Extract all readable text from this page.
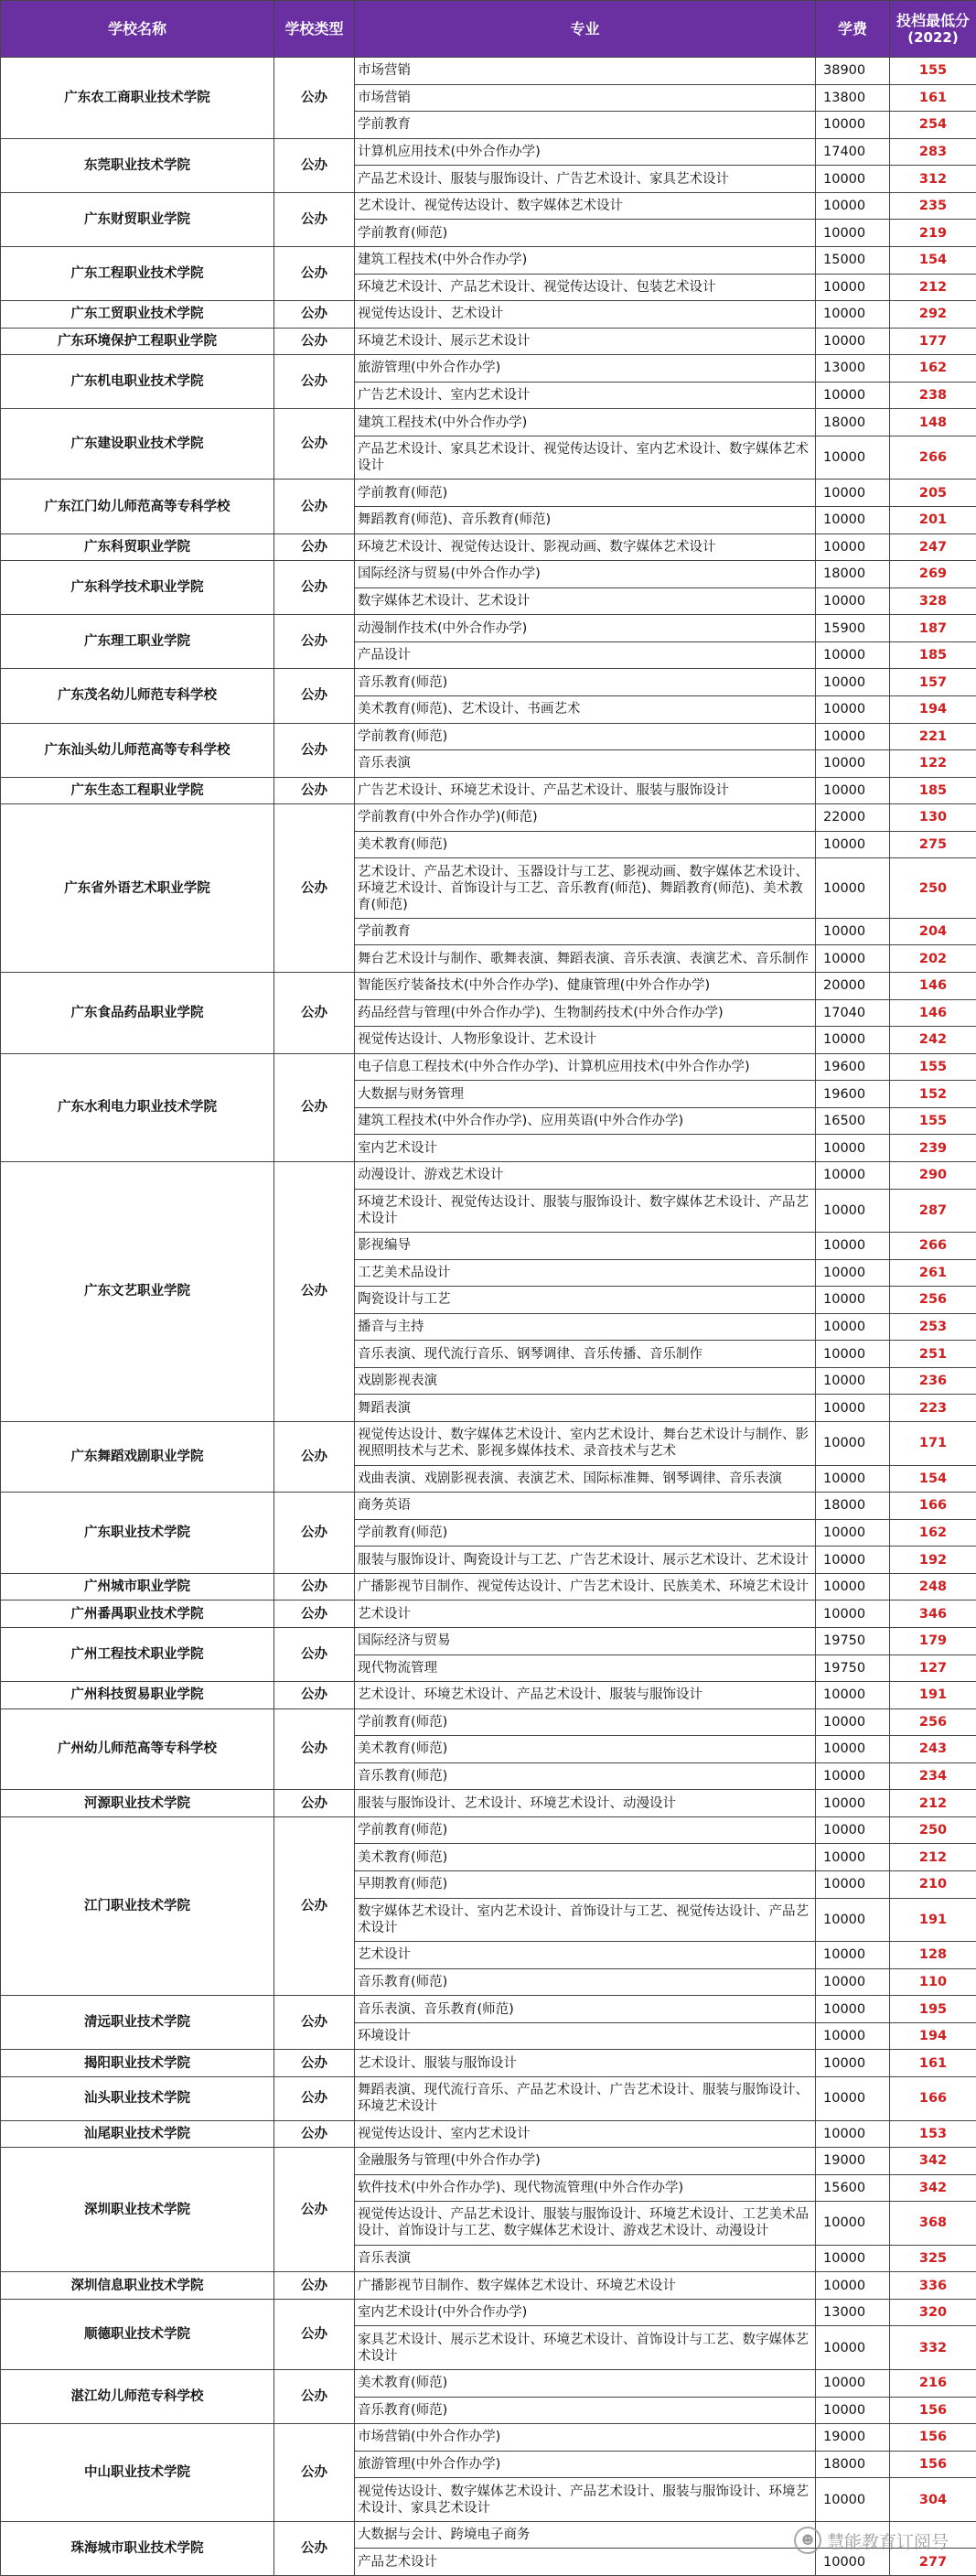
学校名称	学校类型	专业	学费	投档最低分
(2022)

广东农工商职业技术学院	公办	市场营销	38900	155
		市场营销	13800	161
		学前教育	10000	254
东莞职业技术学院	公办	计算机应用技术(中外合作办学)	17400	283
		产品艺术设计、服装与服饰设计、广告艺术设计、家具艺术设计	10000	312
广东财贸职业学院	公办	艺术设计、视觉传达设计、数字媒体艺术设计	10000	235
		学前教育(师范)	10000	219
广东工程职业技术学院	公办	建筑工程技术(中外合作办学)	15000	154
		环境艺术设计、产品艺术设计、视觉传达设计、包装艺术设计	10000	212
广东工贸职业技术学院	公办	视觉传达设计、艺术设计	10000	292
广东环境保护工程职业学院	公办	环境艺术设计、展示艺术设计	10000	177
广东机电职业技术学院	公办	旅游管理(中外合作办学)	13000	162
		广告艺术设计、室内艺术设计	10000	238
广东建设职业技术学院	公办	建筑工程技术(中外合作办学)	18000	148
		产品艺术设计、家具艺术设计、视觉传达设计、室内艺术设计、数字媒体艺术设计	10000	266
广东江门幼儿师范高等专科学校	公办	学前教育(师范)	10000	205
		舞蹈教育(师范)、音乐教育(师范)	10000	201
广东科贸职业学院	公办	环境艺术设计、视觉传达设计、影视动画、数字媒体艺术设计	10000	247
广东科学技术职业学院	公办	国际经济与贸易(中外合作办学)	18000	269
		数字媒体艺术设计、艺术设计	10000	328
广东理工职业学院	公办	动漫制作技术(中外合作办学)	15900	187
		产品设计	10000	185
广东茂名幼儿师范专科学校	公办	音乐教育(师范)	10000	157
		美术教育(师范)、艺术设计、书画艺术	10000	194
广东汕头幼儿师范高等专科学校	公办	学前教育(师范)	10000	221
		音乐表演	10000	122
广东生态工程职业学院	公办	广告艺术设计、环境艺术设计、产品艺术设计、服装与服饰设计	10000	185
广东省外语艺术职业学院	公办	学前教育(中外合作办学)(师范)	22000	130
		美术教育(师范)	10000	275
		艺术设计、产品艺术设计、玉器设计与工艺、影视动画、数字媒体艺术设计、环境艺术设计、首饰设计与工艺、音乐教育(师范)、舞蹈教育(师范)、美术教育(师范)	10000	250
		学前教育	10000	204
		舞台艺术设计与制作、歌舞表演、舞蹈表演、音乐表演、表演艺术、音乐制作	10000	202
广东食品药品职业学院	公办	智能医疗装备技术(中外合作办学)、健康管理(中外合作办学)	20000	146
		药品经营与管理(中外合作办学)、生物制药技术(中外合作办学)	17040	146
		视觉传达设计、人物形象设计、艺术设计	10000	242
广东水利电力职业技术学院	公办	电子信息工程技术(中外合作办学)、计算机应用技术(中外合作办学)	19600	155
		大数据与财务管理	19600	152
		建筑工程技术(中外合作办学)、应用英语(中外合作办学)	16500	155
		室内艺术设计	10000	239
广东文艺职业学院	公办	动漫设计、游戏艺术设计	10000	290
		环境艺术设计、视觉传达设计、服装与服饰设计、数字媒体艺术设计、产品艺术设计	10000	287
		影视编导	10000	266
		工艺美术品设计	10000	261
		陶瓷设计与工艺	10000	256
		播音与主持	10000	253
		音乐表演、现代流行音乐、钢琴调律、音乐传播、音乐制作	10000	251
		戏剧影视表演	10000	236
		舞蹈表演	10000	223
广东舞蹈戏剧职业学院	公办	视觉传达设计、数字媒体艺术设计、室内艺术设计、舞台艺术设计与制作、影视照明技术与艺术、影视多媒体技术、录音技术与艺术	10000	171
		戏曲表演、戏剧影视表演、表演艺术、国际标准舞、钢琴调律、音乐表演	10000	154
广东职业技术学院	公办	商务英语	18000	166
		学前教育(师范)	10000	162
		服装与服饰设计、陶瓷设计与工艺、广告艺术设计、展示艺术设计、艺术设计	10000	192
广州城市职业学院	公办	广播影视节目制作、视觉传达设计、广告艺术设计、民族美术、环境艺术设计	10000	248
广州番禺职业技术学院	公办	艺术设计	10000	346
广州工程技术职业学院	公办	国际经济与贸易	19750	179
		现代物流管理	19750	127
广州科技贸易职业学院	公办	艺术设计、环境艺术设计、产品艺术设计、服装与服饰设计	10000	191
广州幼儿师范高等专科学校	公办	学前教育(师范)	10000	256
		美术教育(师范)	10000	243
		音乐教育(师范)	10000	234
河源职业技术学院	公办	服装与服饰设计、艺术设计、环境艺术设计、动漫设计	10000	212
江门职业技术学院	公办	学前教育(师范)	10000	250
		美术教育(师范)	10000	212
		早期教育(师范)	10000	210
		数字媒体艺术设计、室内艺术设计、首饰设计与工艺、视觉传达设计、产品艺术设计	10000	191
		艺术设计	10000	128
		音乐教育(师范)	10000	110
清远职业技术学院	公办	音乐表演、音乐教育(师范)	10000	195
		环境设计	10000	194
揭阳职业技术学院	公办	艺术设计、服装与服饰设计	10000	161
汕头职业技术学院	公办	舞蹈表演、现代流行音乐、产品艺术设计、广告艺术设计、服装与服饰设计、环境艺术设计	10000	166
汕尾职业技术学院	公办	视觉传达设计、室内艺术设计	10000	153
深圳职业技术学院	公办	金融服务与管理(中外合作办学)	19000	342
		软件技术(中外合作办学)、现代物流管理(中外合作办学)	15600	342
		视觉传达设计、产品艺术设计、服装与服饰设计、环境艺术设计、工艺美术品设计、首饰设计与工艺、数字媒体艺术设计、游戏艺术设计、动漫设计	10000	368
		音乐表演	10000	325
深圳信息职业技术学院	公办	广播影视节目制作、数字媒体艺术设计、环境艺术设计	10000	336
顺德职业技术学院	公办	室内艺术设计(中外合作办学)	13000	320
		家具艺术设计、展示艺术设计、环境艺术设计、首饰设计与工艺、数字媒体艺术设计	10000	332
湛江幼儿师范专科学校	公办	美术教育(师范)	10000	216
		音乐教育(师范)	10000	156
中山职业技术学院	公办	市场营销(中外合作办学)	19000	156
		旅游管理(中外合作办学)	18000	156
		视觉传达设计、数字媒体艺术设计、产品艺术设计、服装与服饰设计、环境艺术设计、家具艺术设计	10000	304
珠海城市职业技术学院	公办	大数据与会计、跨境电子商务		
		产品艺术设计	10000	277
☻ 慧能教育订阅号
